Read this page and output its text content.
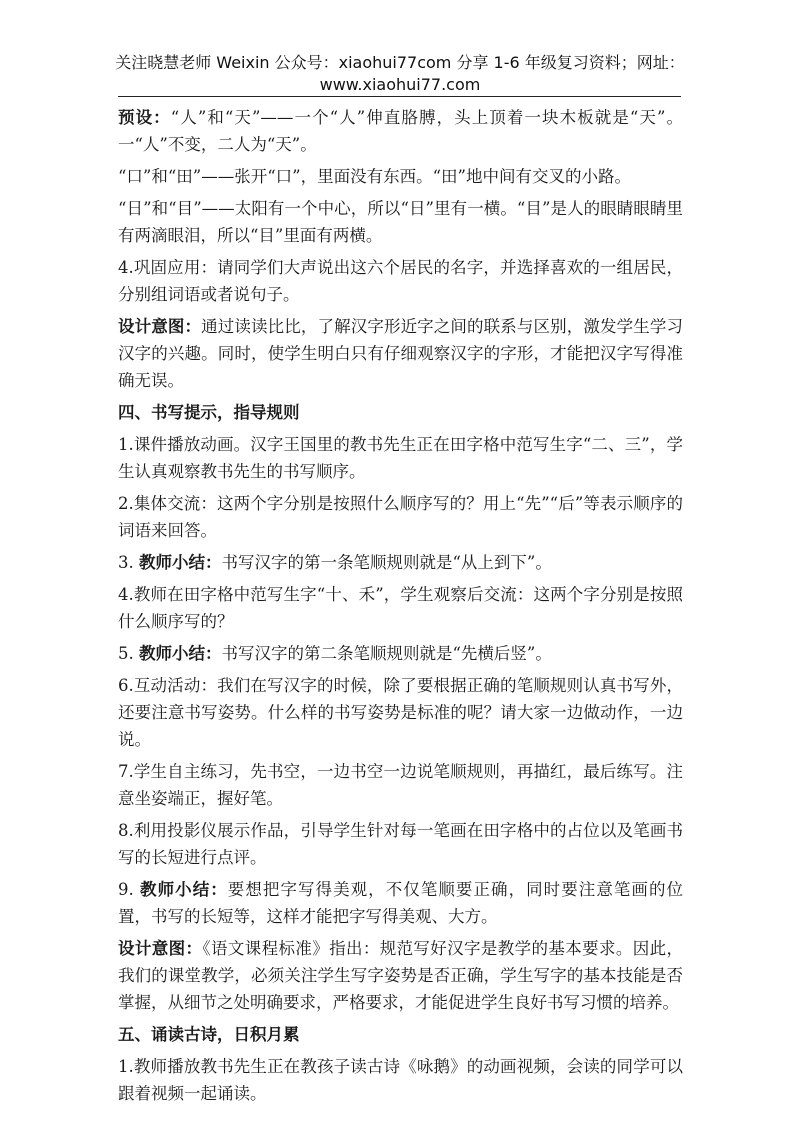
关注晓慧老师 Weixin 公众号：xiaohui77com 分享 1-6 年级复习资料；网址：
www.xiaohui77.com

预设：“人”和“天”——一个“人”伸直胳膊，头上顶着一块木板就是“天”。一“人”不变，二人为“天”。

“口”和“田”——张开“口”，里面没有东西。“田”地中间有交叉的小路。

“日”和“目”——太阳有一个中心，所以“日”里有一横。“目”是人的眼睛眼睛里有两滴眼泪，所以“目”里面有两横。

4.巩固应用：请同学们大声说出这六个居民的名字，并选择喜欢的一组居民，分别组词语或者说句子。

设计意图：通过读读比比，了解汉字形近字之间的联系与区别，激发学生学习汉字的兴趣。同时，使学生明白只有仔细观察汉字的字形，才能把汉字写得准确无误。

四、书写提示，指导规则

1.课件播放动画。汉字王国里的教书先生正在田字格中范写生字“二、三”，学生认真观察教书先生的书写顺序。

2.集体交流：这两个字分别是按照什么顺序写的？用上“先”“后”等表示顺序的词语来回答。

3. 教师小结：书写汉字的第一条笔顺规则就是“从上到下”。

4.教师在田字格中范写生字“十、禾”，学生观察后交流：这两个字分别是按照什么顺序写的？

5. 教师小结：书写汉字的第二条笔顺规则就是“先横后竖”。

6.互动活动：我们在写汉字的时候，除了要根据正确的笔顺规则认真书写外，还要注意书写姿势。什么样的书写姿势是标准的呢？请大家一边做动作，一边说。

7.学生自主练习，先书空，一边书空一边说笔顺规则，再描红，最后练写。注意坐姿端正，握好笔。

8.利用投影仪展示作品，引导学生针对每一笔画在田字格中的占位以及笔画书写的长短进行点评。

9. 教师小结：要想把字写得美观，不仅笔顺要正确，同时要注意笔画的位置，书写的长短等，这样才能把字写得美观、大方。

设计意图：《语文课程标准》指出：规范写好汉字是教学的基本要求。因此，我们的课堂教学，必须关注学生写字姿势是否正确，学生写字的基本技能是否掌握，从细节之处明确要求，严格要求，才能促进学生良好书写习惯的培养。

五、诵读古诗，日积月累

1.教师播放教书先生正在教孩子读古诗《咏鹅》的动画视频，会读的同学可以跟着视频一起诵读。
